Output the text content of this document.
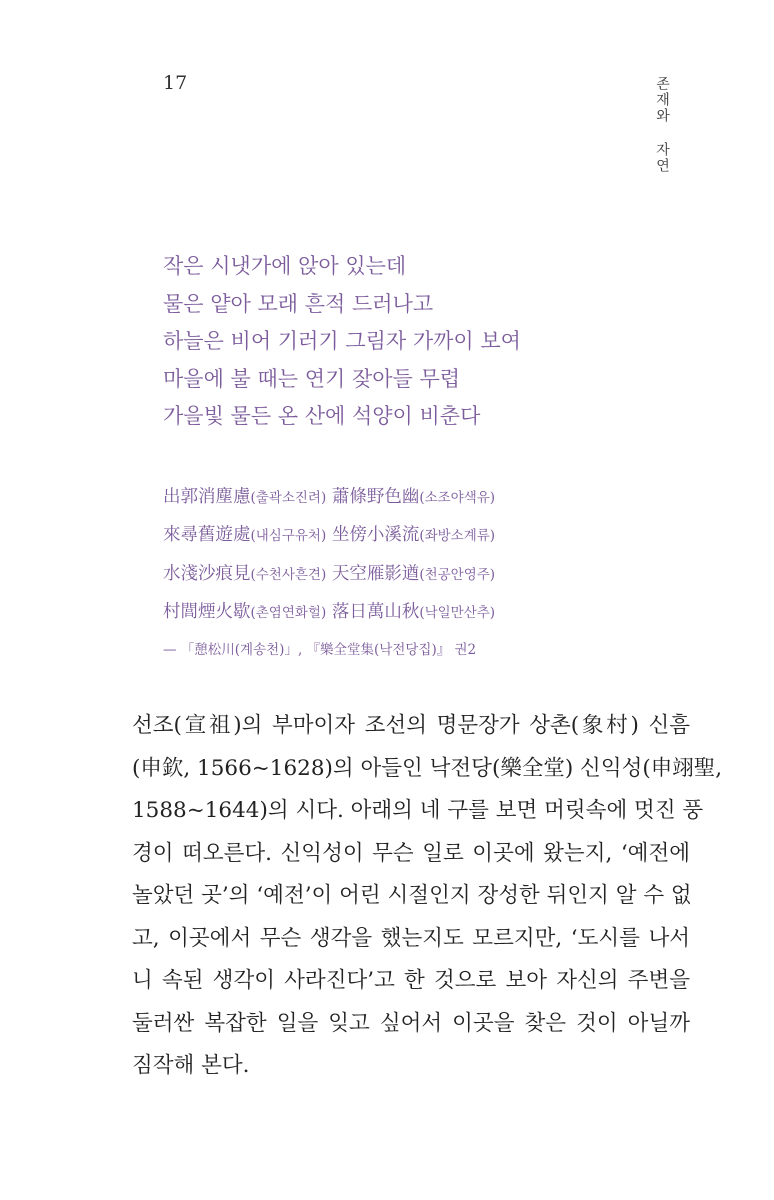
17	존재와 자연
작은 시냇가에 앉아 있는데
물은 얕아 모래 흔적 드러나고
하늘은 비어 기러기 그림자 가까이 보여
마을에 불 때는 연기 잦아들 무렵
가을빛 물든 온 산에 석양이 비춘다
出郭消塵慮(출곽소진려) 蕭條野色幽(소조야색유)
來尋舊遊處(내심구유처) 坐傍小溪流(좌방소계류)
水淺沙痕見(수천사흔견) 天空雁影遒(천공안영주)
村閭煙火歇(촌염연화헐) 落日萬山秋(낙일만산추)
— 「憩松川(계송천)」, 『樂全堂集(낙전당집)』 권2
선조(宣祖)의 부마이자 조선의 명문장가 상촌(象村) 신흠
(申欽, 1566~1628)의 아들인 낙전당(樂全堂) 신익성(申翊聖,
1588~1644)의 시다. 아래의 네 구를 보면 머릿속에 멋진 풍
경이 떠오른다. 신익성이 무슨 일로 이곳에 왔는지, ‘예전에
놀았던 곳’의 ‘예전’이 어린 시절인지 장성한 뒤인지 알 수 없
고, 이곳에서 무슨 생각을 했는지도 모르지만, ‘도시를 나서
니 속된 생각이 사라진다’고 한 것으로 보아 자신의 주변을
둘러싼 복잡한 일을 잊고 싶어서 이곳을 찾은 것이 아닐까
짐작해 본다.
